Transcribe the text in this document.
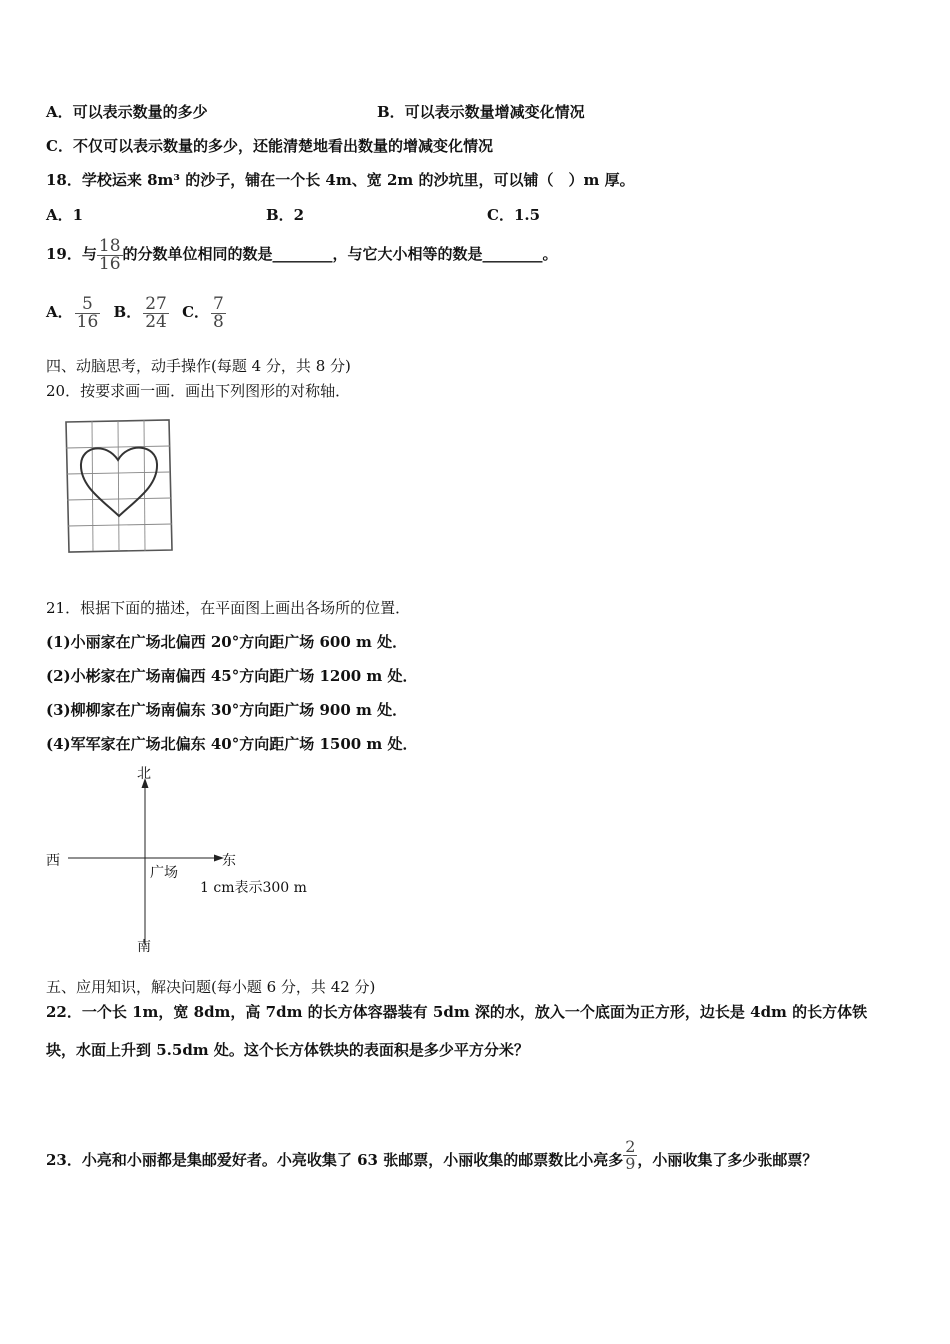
A．可以表示数量的多少	B．可以表示数量增减变化情况
C．不仅可以表示数量的多少，还能清楚地看出数量的增减变化情况
18．学校运来 8m³ 的沙子，铺在一个长 4m、宽 2m 的沙坑里，可以铺（　）m 厚。
A．1	B．2	C．1.5
19．与 $\frac{18}{16}$ 的分数单位相同的数是________，与它大小相等的数是________。
A． $\frac{5}{16}$ B． $\frac{27}{24}$ C． $\frac{7}{8}$
四、动脑思考，动手操作(每题 4 分，共 8 分)
20．按要求画一画．画出下列图形的对称轴．
21．根据下面的描述，在平面图上画出各场所的位置．
(1)小丽家在广场北偏西 20°方向距广场 600 m 处．
(2)小彬家在广场南偏西 45°方向距广场 1200 m 处．
(3)柳柳家在广场南偏东 30°方向距广场 900 m 处．
(4)军军家在广场北偏东 40°方向距广场 1500 m 处．
北
南
西	东
广场
1 cm表示300 m
五、应用知识，解决问题(每小题 6 分，共 42 分)
22．一个长 1m，宽 8dm，高 7dm 的长方体容器装有 5dm 深的水，放入一个底面为正方形，边长是 4dm 的长方体铁
块，水面上升到 5.5dm 处。这个长方体铁块的表面积是多少平方分米？
23．小亮和小丽都是集邮爱好者。小亮收集了 63 张邮票，小丽收集的邮票数比小亮多 $\frac{2}{9}$ ，小丽收集了多少张邮票？
